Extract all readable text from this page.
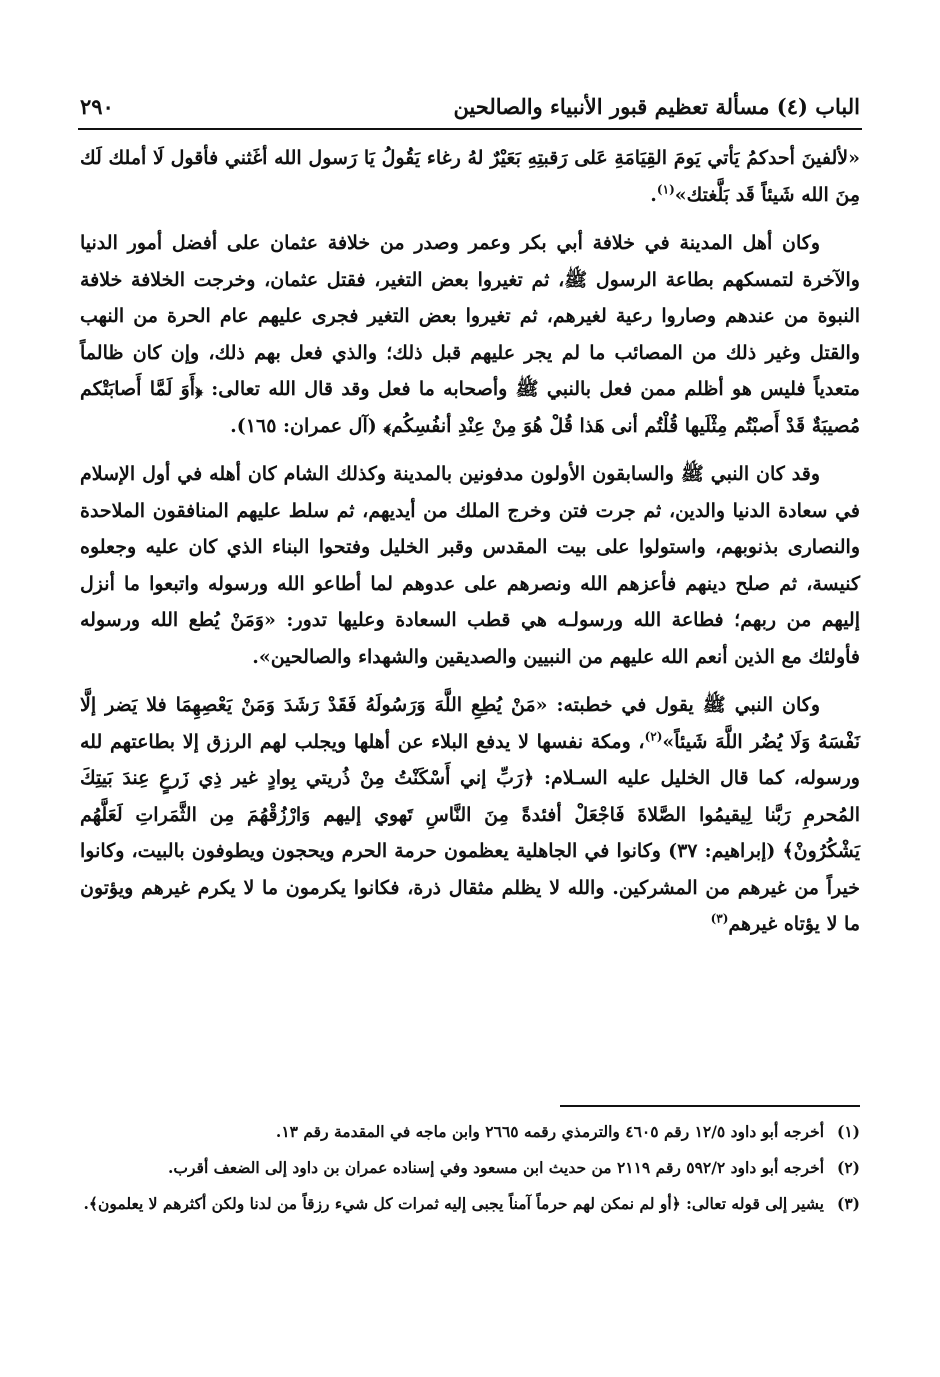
الباب (٤) مسألة تعظيم قبور الأنبياء والصالحين
٢٩٠

«لألفينَ أحدكمُ يَأتي يَومَ القِيَامَةِ عَلى رَقبتِهِ بَعَيْرٌ لهُ رغاء يَقُولُ يَا رَسول الله أغَثني فأقول لَا أملك لَك مِنَ الله شَيئاً قَد بَلَّغتك»$^{(١)}$.

وكان أهل المدينة في خلافة أبي بكر وعمر وصدر من خلافة عثمان على أفضل أمور الدنيا والآخرة لتمسكهم بطاعة الرسول ﷺ، ثم تغيروا بعض التغير، فقتل عثمان، وخرجت الخلافة خلافة النبوة من عندهم وصاروا رعية لغيرهم، ثم تغيروا بعض التغير فجرى عليهم عام الحرة من النهب والقتل وغير ذلك من المصائب ما لم يجر عليهم قبل ذلك؛ والذي فعل بهم ذلك، وإن كان ظالماً متعدياً فليس هو أظلم ممن فعل بالنبي ﷺ وأصحابه ما فعل وقد قال الله تعالى: ﴿أَوَ لَمَّا أَصابَتْكم مُصيبَةٌ قَدْ أَصبْتُم مِثْلَيها قُلْتُم أنى هَذا قُلْ هُوَ مِنْ عِنْدِ أنفُسِكُم﴾ (آل عمران: ١٦٥).

وقد كان النبي ﷺ والسابقون الأولون مدفونين بالمدينة وكذلك الشام كان أهله في أول الإسلام في سعادة الدنيا والدين، ثم جرت فتن وخرج الملك من أيديهم، ثم سلط عليهم المنافقون الملاحدة والنصارى بذنوبهم، واستولوا على بيت المقدس وقبر الخليل وفتحوا البناء الذي كان عليه وجعلوه كنيسة، ثم صلح دينهم فأعزهم الله ونصرهم على عدوهم لما أطاعو الله ورسوله واتبعوا ما أنزل إليهم من ربهم؛ فطاعة الله ورسولـه هي قطب السعادة وعليها تدور: «وَمَنْ يُطع الله ورسوله فأولئك مع الذين أنعم الله عليهم من النبيين والصديقين والشهداء والصالحين».

وكان النبي ﷺ يقول في خطبته: «مَنْ يُطِعِ اللَّهَ وَرَسُولَهُ فَقَدْ رَشَدَ وَمَنْ يَعْصِهِمَا فلا يَضر إلَّا نَفْسَهُ وَلَا يُضُر اللَّهَ شَيئاً»$^{(٢)}$، ومكة نفسها لا يدفع البلاء عن أهلها ويجلب لهم الرزق إلا بطاعتهم لله ورسوله، كما قال الخليل عليه السـلام: ﴿رَبِّ إني أَسْكَنْتُ مِنْ ذُريتي بِوادٍ غير ذِي زَرعٍ عِندَ بَيتِكَ المُحرمِ رَبَّنا لِيقيمُوا الصَّلاةَ فَاجْعَلْ أفئدةً مِنَ النَّاسِ تَهوي إليهم وَارْزُقْهُمَ مِن الثَّمَراتِ لَعَلَّهُم يَشْكُرُونْ﴾ (إبراهيم: ٣٧) وكانوا في الجاهلية يعظمون حرمة الحرم ويحجون ويطوفون بالبيت، وكانوا خيراً من غيرهم من المشركين. والله لا يظلم مثقال ذرة، فكانوا يكرمون ما لا يكرم غيرهم ويؤتون ما لا يؤتاه غيرهم$^{(٣)}$

(١)
أخرجه أبو داود ١٢/٥ رقم ٤٦٠٥ والترمذي رقمه ٢٦٦٥ وابن ماجه في المقدمة رقم ١٣.
(٢)
أخرجه أبو داود ٥٩٢/٢ رقم ٢١١٩ من حديث ابن مسعود وفي إسناده عمران بن داود إلى الضعف أقرب.
(٣)
يشير إلى قوله تعالى: ﴿أو لم نمكن لهم حرماً آمناً يجبى إليه ثمرات كل شيء رزقاً من لدنا ولكن أكثرهم لا يعلمون﴾.
